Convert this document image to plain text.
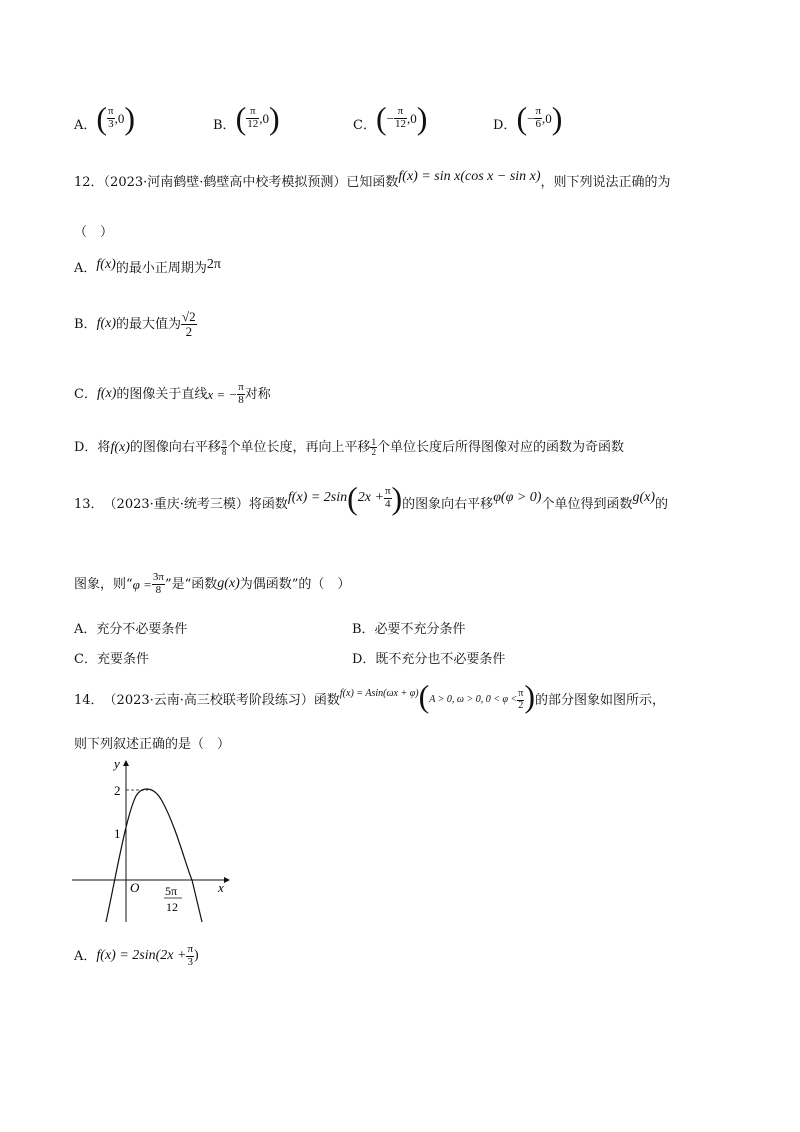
A． ( $\frac{\pi}{3} ,0$ )	B． ( $\frac{\pi}{12} ,0$ )	C． ( − $\frac{\pi}{12} ,0$ )	D． ( − $\frac{\pi}{6} ,0$ )
12．（2023·河南鹤壁·鹤壁高中校考模拟预测）已知函数f(x) = sin x(cos x − sin x)，则下列说法正确的为
（　）
A．f(x)的最小正周期为2π
B． f(x) 的最大值为 $\frac{√2}{2}$
C． f(x) 的图像关于直线 x = − $\frac{\pi}{8}$ 对称
D．将 f(x) 的图像向右平移 $\frac{\pi}{8}$ 个单位长度，再向上平移 $\frac{1}{2}$ 个单位长度后所得图像对应的函数为奇函数
13． （2023·重庆·统考三模）将函数 f(x) = 2sin ( $2x + \frac{\pi}{4}$ ) 的图象向右平移 φ(φ > 0) 个单位得到函数 g(x) 的
图象，则“ $\varphi = \frac{3\pi}{8}$ ”是“函数 g(x) 为偶函数”的（　）
A．充分不必要条件	B．必要不充分条件
C．充要条件	D．既不充分也不必要条件
14． （2023·云南·高三校联考阶段练习）函数 f(x) = Asin(ωx + φ) ( A > 0, ω > 0, $0 < \varphi < \frac{\pi}{2}$ ) 的部分图象如图所示，
则下列叙述正确的是（　）
y
x
O
2
1
5π
12
A． $f(x) = 2\sin(2x + \frac{\pi}{3}$ )
